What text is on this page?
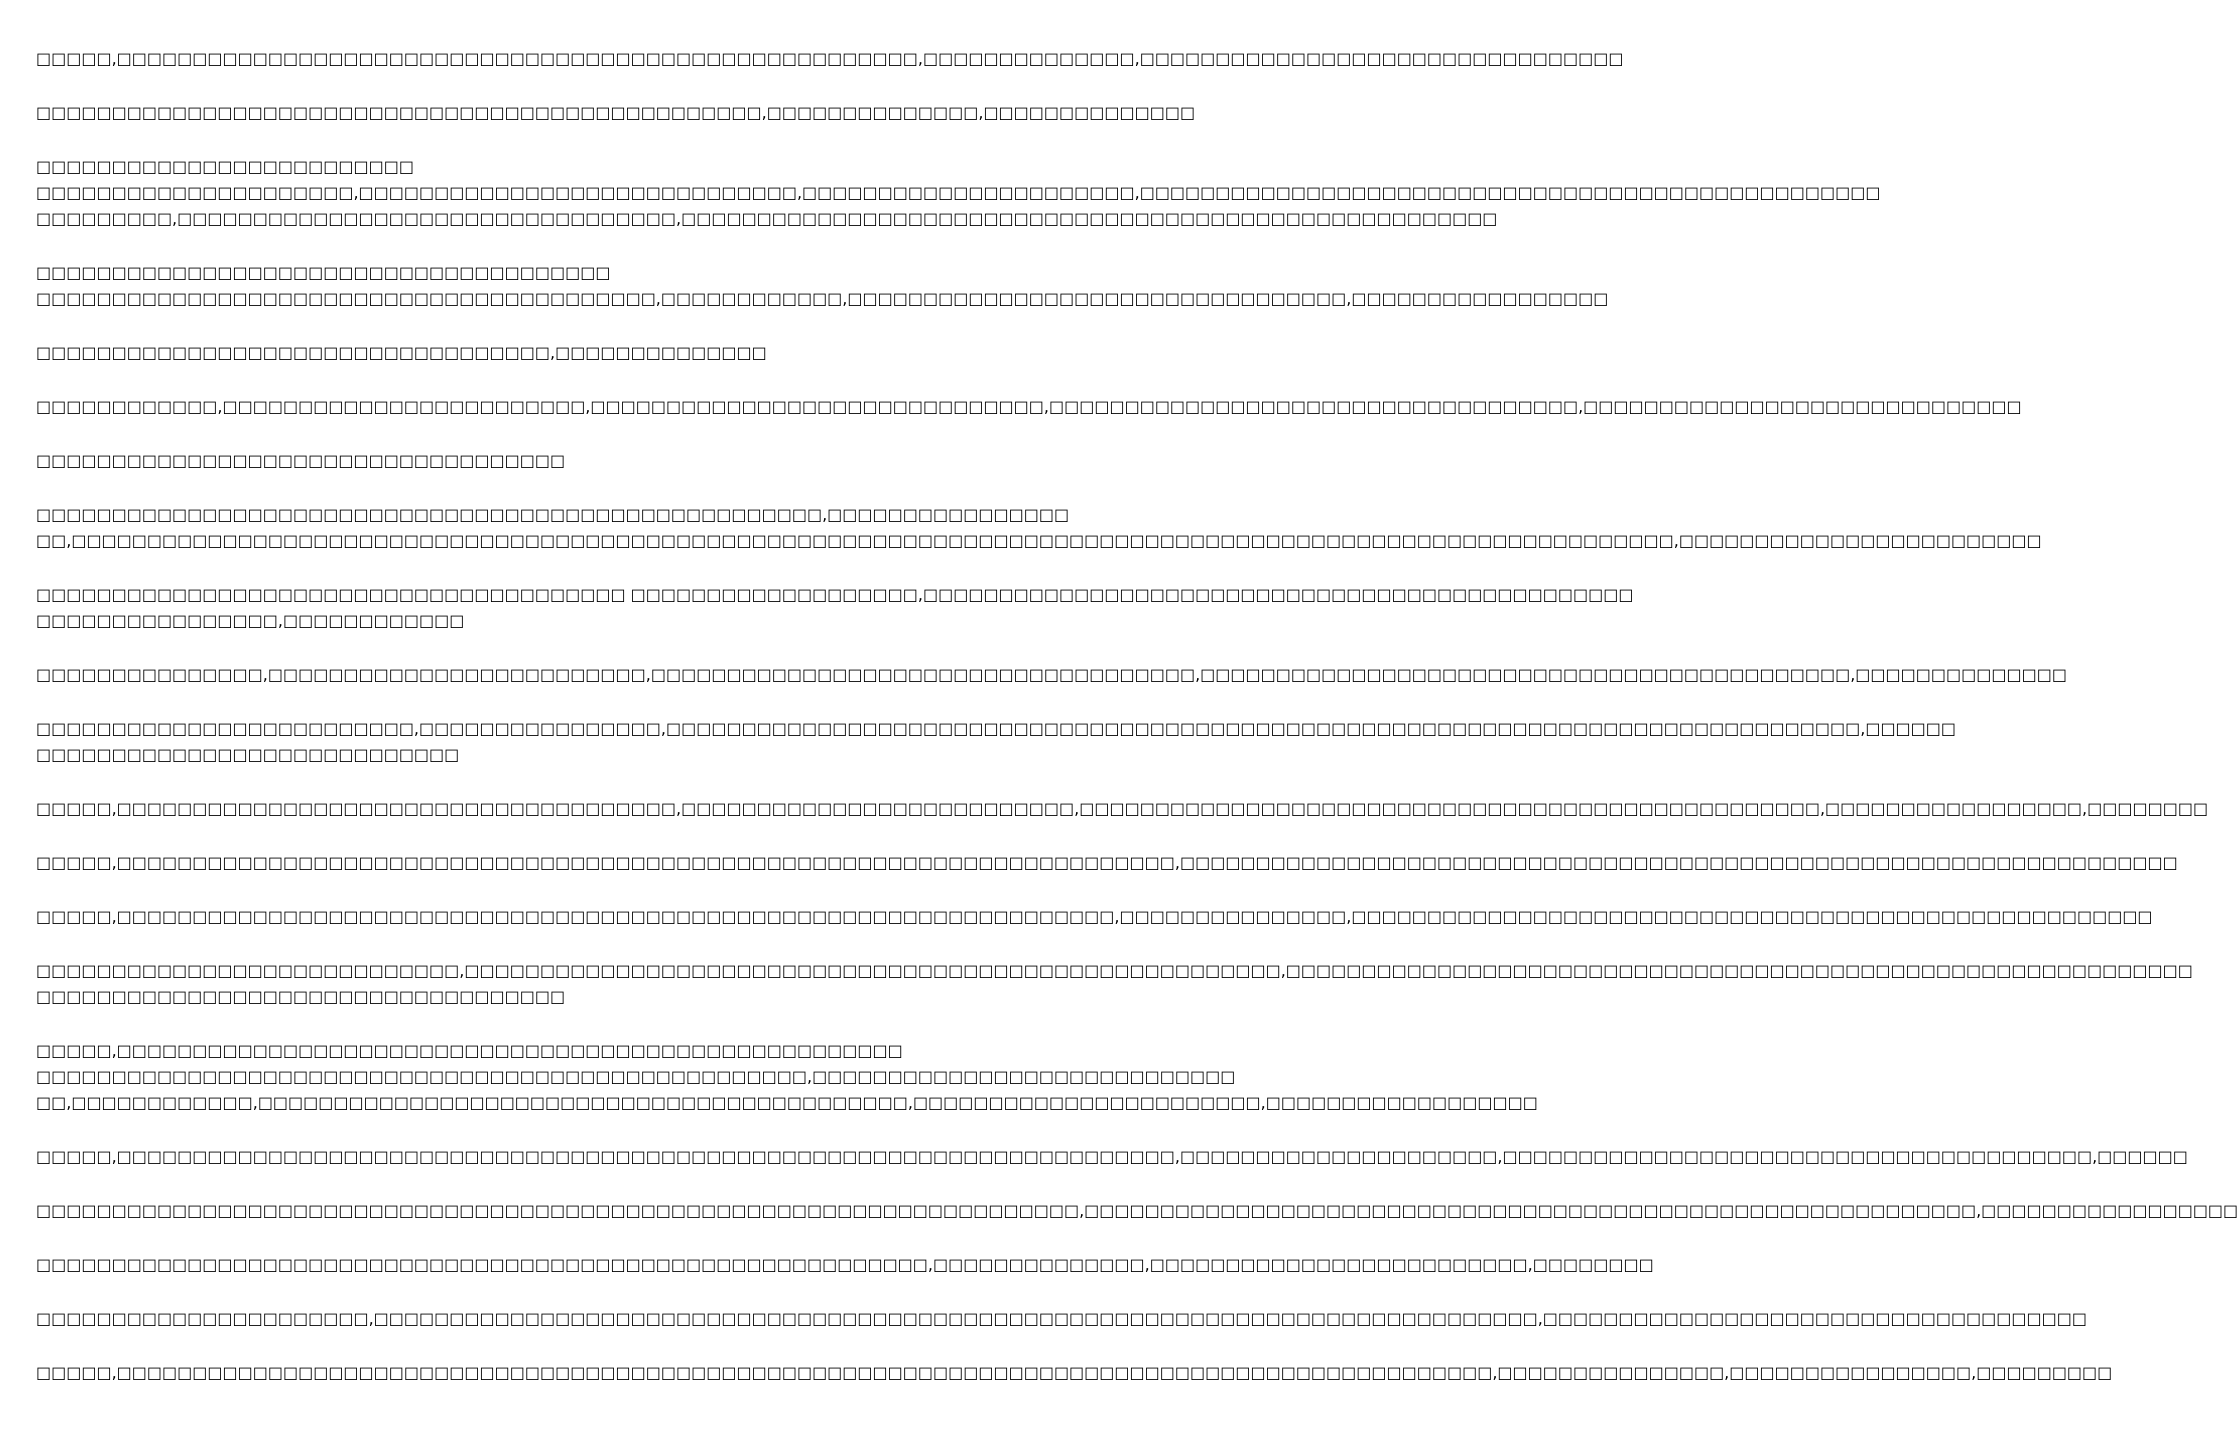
□□□□□,□□□□□□□□□□□□□□□□□□□□□□□□□□□□□□□□□□□□□□□□□□□□□□□□□□□□□,□□□□□□□□□□□□□□,□□□□□□□□□□□□□□□□□□□□□□□□□□□□□□□□
□□□□□□□□□□□□□□□□□□□□□□□□□□□□□□□□□□□□□□□□□□□□□□□□,□□□□□□□□□□□□□□,□□□□□□□□□□□□□□
□□□□□□□□□□□□□□□□□□□□□□□□□
□□□□□□□□□□□□□□□□□□□□□,□□□□□□□□□□□□□□□□□□□□□□□□□□□□□,□□□□□□□□□□□□□□□□□□□□□□,□□□□□□□□□□□□□□□□□□□□□□□□□□□□□□□□□□□□□□□□□□□□□□□□□
□□□□□□□□□,□□□□□□□□□□□□□□□□□□□□□□□□□□□□□□□□□,□□□□□□□□□□□□□□□□□□□□□□□□□□□□□□□□□□□□□□□□□□□□□□□□□□□□□□
□□□□□□□□□□□□□□□□□□□□□□□□□□□□□□□□□□□□□□
□□□□□□□□□□□□□□□□□□□□□□□□□□□□□□□□□□□□□□□□□,□□□□□□□□□□□□,□□□□□□□□□□□□□□□□□□□□□□□□□□□□□□□□□,□□□□□□□□□□□□□□□□□
□□□□□□□□□□□□□□□□□□□□□□□□□□□□□□□□□□,□□□□□□□□□□□□□□
□□□□□□□□□□□□,□□□□□□□□□□□□□□□□□□□□□□□□,□□□□□□□□□□□□□□□□□□□□□□□□□□□□□□,□□□□□□□□□□□□□□□□□□□□□□□□□□□□□□□□□□□,□□□□□□□□□□□□□□□□□□□□□□□□□□□□□
□□□□□□□□□□□□□□□□□□□□□□□□□□□□□□□□□□□
□□□□□□□□□□□□□□□□□□□□□□□□□□□□□□□□□□□□□□□□□□□□□□□□□□□□,□□□□□□□□□□□□□□□□
□□,□□□□□□□□□□□□□□□□□□□□□□□□□□□□□□□□□□□□□□□□□□□□□□□□□□□□□□□□□□□□□□□□□□□□□□□□□□□□□□□□□□□□□□□□□□□□□□□□□□□□□□□□□□,□□□□□□□□□□□□□□□□□□□□□□□□
□□□□□□□□□□□□□□□□□□□□□□□□□□□□□□□□□□□□□□□ □□□□□□□□□□□□□□□□□□□,□□□□□□□□□□□□□□□□□□□□□□□□□□□□□□□□□□□□□□□□□□□□□□□
□□□□□□□□□□□□□□□□,□□□□□□□□□□□□
□□□□□□□□□□□□□□□,□□□□□□□□□□□□□□□□□□□□□□□□□,□□□□□□□□□□□□□□□□□□□□□□□□□□□□□□□□□□□□,□□□□□□□□□□□□□□□□□□□□□□□□□□□□□□□□□□□□□□□□□□□,□□□□□□□□□□□□□□
□□□□□□□□□□□□□□□□□□□□□□□□□,□□□□□□□□□□□□□□□□,□□□□□□□□□□□□□□□□□□□□□□□□□□□□□□□□□□□□□□□□□□□□□□□□□□□□□□□□□□□□□□□□□□□□□□□□□□□□□□□,□□□□□□
□□□□□□□□□□□□□□□□□□□□□□□□□□□□
□□□□□,□□□□□□□□□□□□□□□□□□□□□□□□□□□□□□□□□□□□□,□□□□□□□□□□□□□□□□□□□□□□□□□□,□□□□□□□□□□□□□□□□□□□□□□□□□□□□□□□□□□□□□□□□□□□□□□□□□,□□□□□□□□□□□□□□□□□,□□□□□□□□
□□□□□,□□□□□□□□□□□□□□□□□□□□□□□□□□□□□□□□□□□□□□□□□□□□□□□□□□□□□□□□□□□□□□□□□□□□□□,□□□□□□□□□□□□□□□□□□□□□□□□□□□□□□□□□□□□□□□□□□□□□□□□□□□□□□□□□□□□□□□□□□
□□□□□,□□□□□□□□□□□□□□□□□□□□□□□□□□□□□□□□□□□□□□□□□□□□□□□□□□□□□□□□□□□□□□□□□□,□□□□□□□□□□□□□□□,□□□□□□□□□□□□□□□□□□□□□□□□□□□□□□□□□□□□□□□□□□□□□□□□□□□□□
□□□□□□□□□□□□□□□□□□□□□□□□□□□□,□□□□□□□□□□□□□□□□□□□□□□□□□□□□□□□□□□□□□□□□□□□□□□□□□□□□□□,□□□□□□□□□□□□□□□□□□□□□□□□□□□□□□□□□□□□□□□□□□□□□□□□□□□□□□□□□□□□
□□□□□□□□□□□□□□□□□□□□□□□□□□□□□□□□□□□
□□□□□,□□□□□□□□□□□□□□□□□□□□□□□□□□□□□□□□□□□□□□□□□□□□□□□□□□□□
□□□□□□□□□□□□□□□□□□□□□□□□□□□□□□□□□□□□□□□□□□□□□□□□□□□,□□□□□□□□□□□□□□□□□□□□□□□□□□□□
□□,□□□□□□□□□□□□,□□□□□□□□□□□□□□□□□□□□□□□□□□□□□□□□□□□□□□□□□□□,□□□□□□□□□□□□□□□□□□□□□□□,□□□□□□□□□□□□□□□□□□
□□□□□,□□□□□□□□□□□□□□□□□□□□□□□□□□□□□□□□□□□□□□□□□□□□□□□□□□□□□□□□□□□□□□□□□□□□□□,□□□□□□□□□□□□□□□□□□□□□,□□□□□□□□□□□□□□□□□□□□□□□□□□□□□□□□□□□□□□□,□□□□□□
□□□□□□□□□□□□□□□□□□□□□□□□□□□□□□□□□□□□□□□□□□□□□□□□□□□□□□□□□□□□□□□□□□□□□,□□□□□□□□□□□□□□□□□□□□□□□□□□□□□□□□□□□□□□□□□□□□□□□□□□□□□□□□□□□,□□□□□□□□□□□□□□□□□
□□□□□□□□□□□□□□□□□□□□□□□□□□□□□□□□□□□□□□□□□□□□□□□□□□□□□□□□□□□,□□□□□□□□□□□□□□,□□□□□□□□□□□□□□□□□□□□□□□□□,□□□□□□□□
□□□□□□□□□□□□□□□□□□□□□□,□□□□□□□□□□□□□□□□□□□□□□□□□□□□□□□□□□□□□□□□□□□□□□□□□□□□□□□□□□□□□□□□□□□□□□□□□□□□□,□□□□□□□□□□□□□□□□□□□□□□□□□□□□□□□□□□□□
□□□□□,□□□□□□□□□□□□□□□□□□□□□□□□□□□□□□□□□□□□□□□□□□□□□□□□□□□□□□□□□□□□□□□□□□□□□□□□□□□□□□□□□□□□□□□□□□□,□□□□□□□□□□□□□□□,□□□□□□□□□□□□□□□□,□□□□□□□□□
